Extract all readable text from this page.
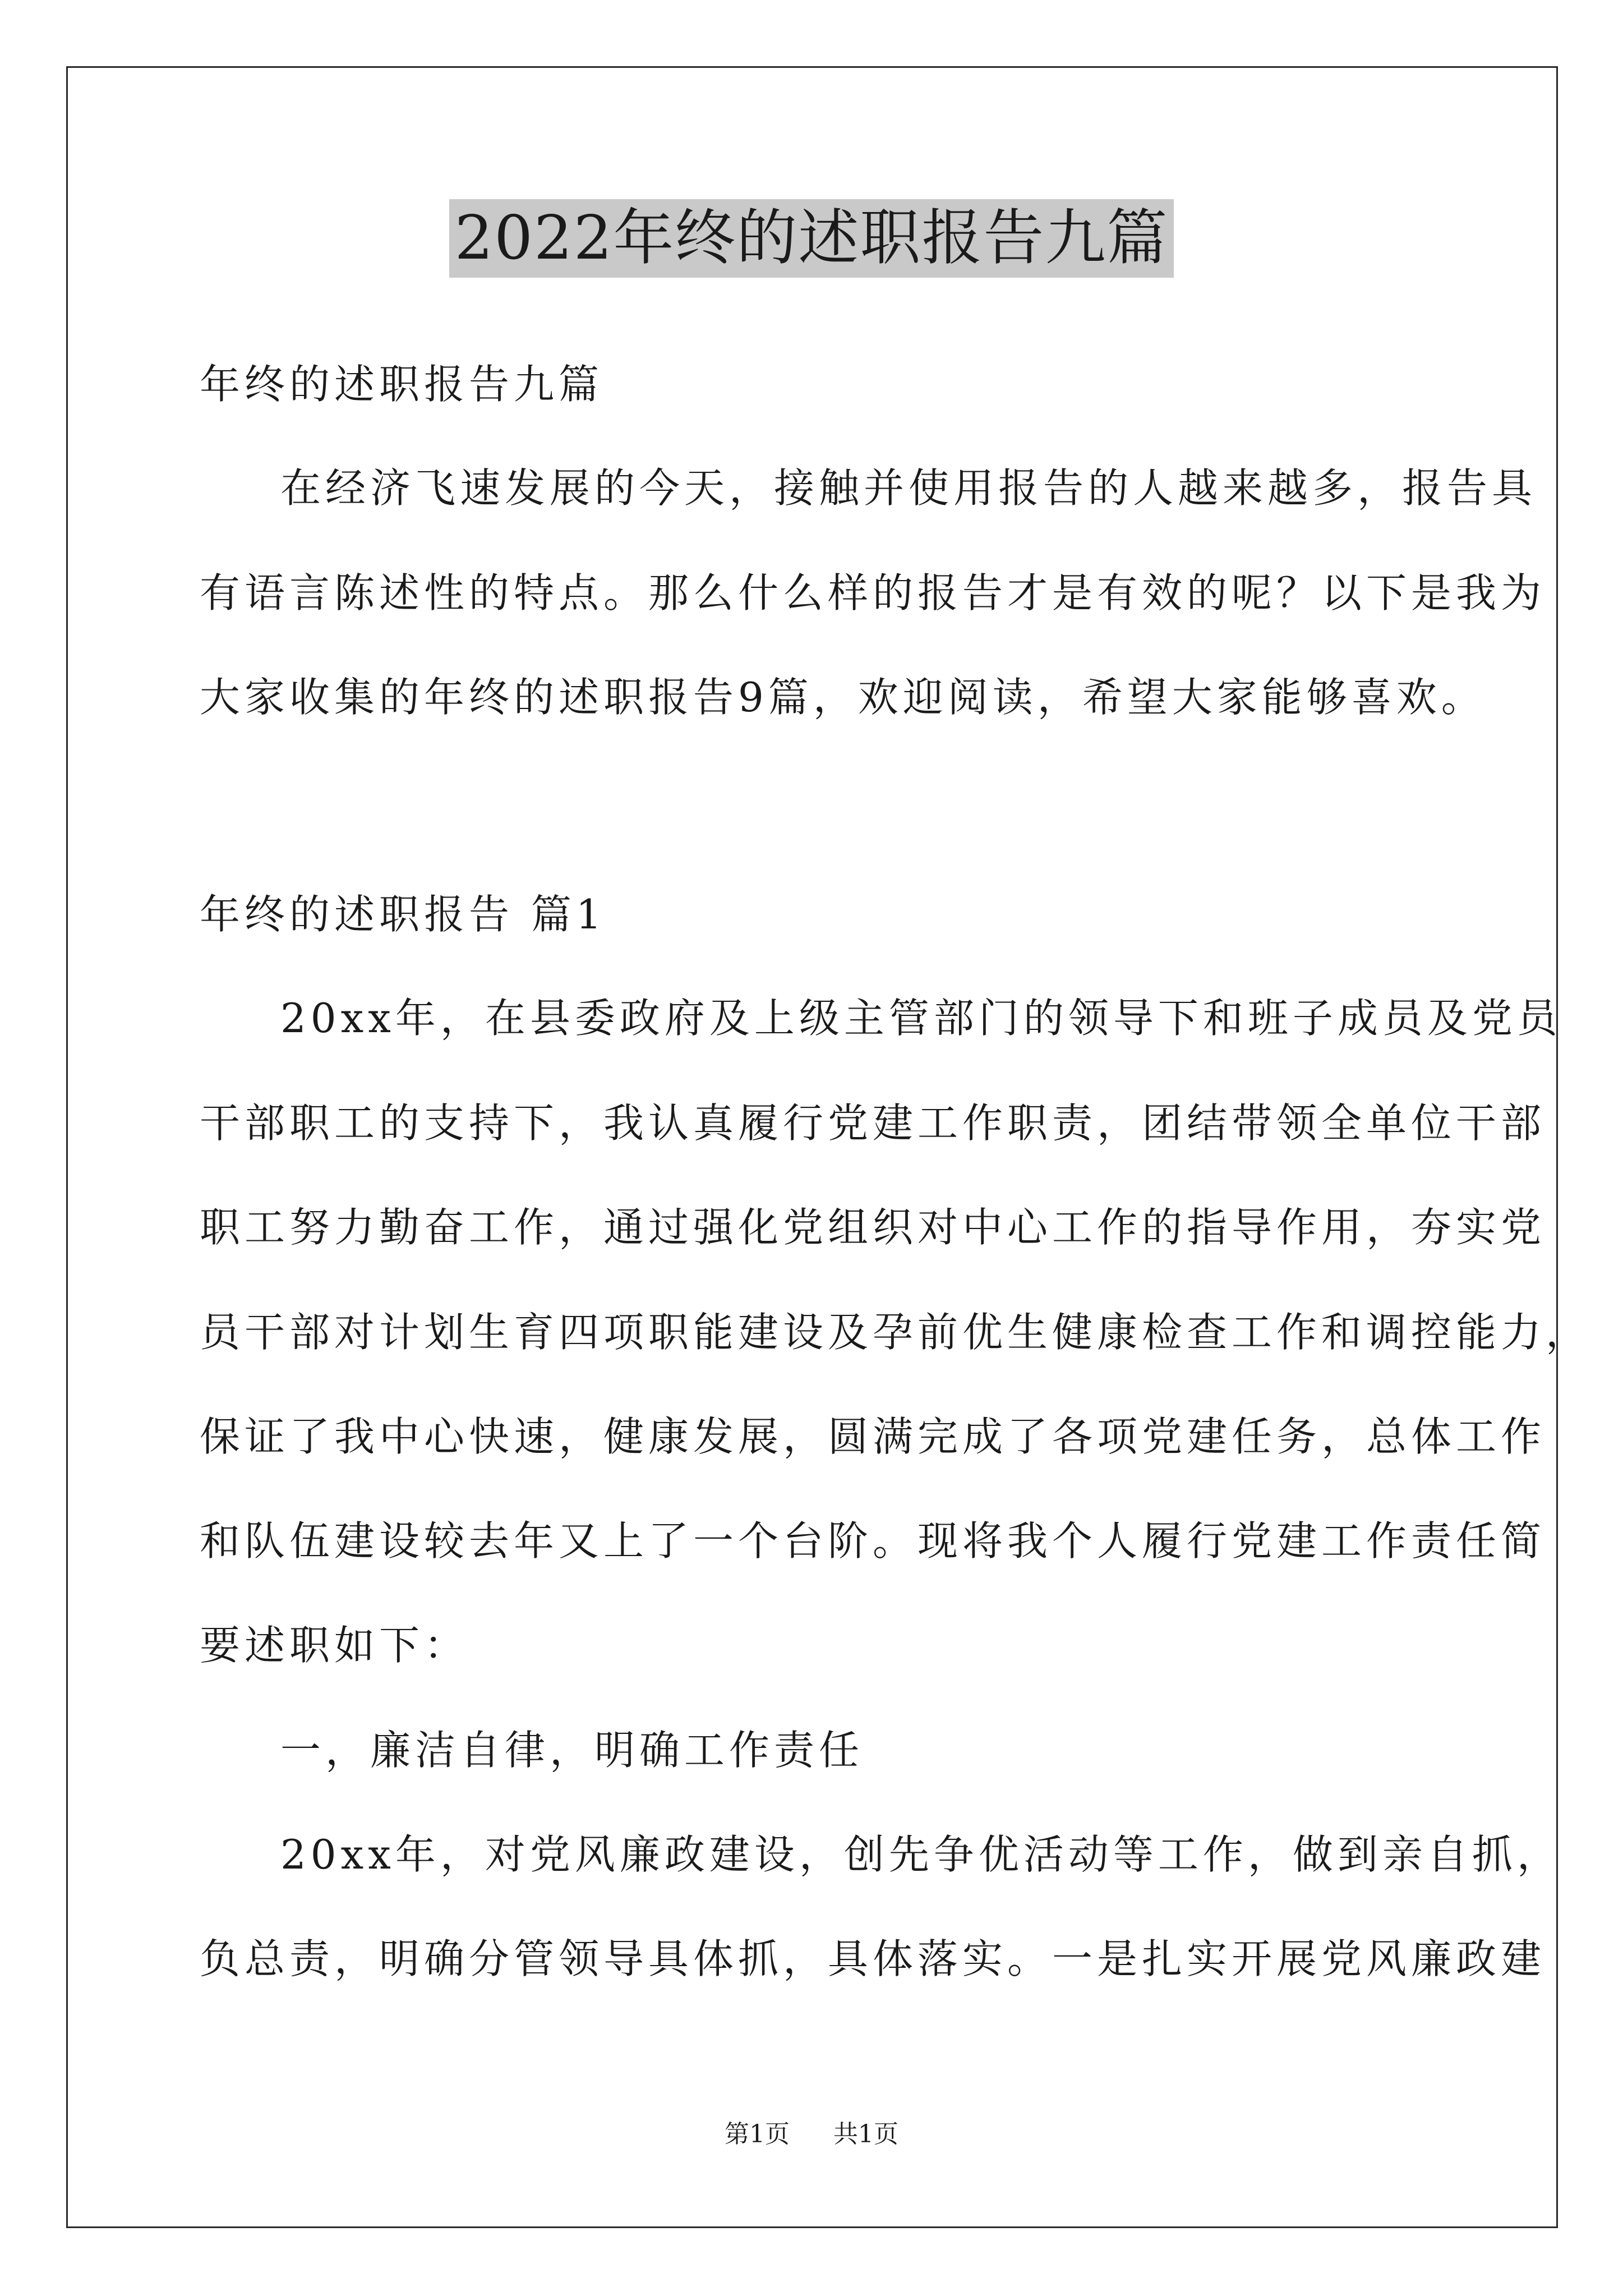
2022年终的述职报告九篇
年终的述职报告九篇
在经济飞速发展的今天，接触并使用报告的人越来越多，报告具
有语言陈述性的特点。那么什么样的报告才是有效的呢？以下是我为
大家收集的年终的述职报告9篇，欢迎阅读，希望大家能够喜欢。
年终的述职报告 篇1
20xx年，在县委政府及上级主管部门的领导下和班子成员及党员
干部职工的支持下，我认真履行党建工作职责，团结带领全单位干部
职工努力勤奋工作，通过强化党组织对中心工作的指导作用，夯实党
员干部对计划生育四项职能建设及孕前优生健康检查工作和调控能力，
保证了我中心快速，健康发展，圆满完成了各项党建任务，总体工作
和队伍建设较去年又上了一个台阶。现将我个人履行党建工作责任简
要述职如下：
一，廉洁自律，明确工作责任
20xx年，对党风廉政建设，创先争优活动等工作，做到亲自抓，
负总责，明确分管领导具体抓，具体落实。一是扎实开展党风廉政建
第1页 共1页
